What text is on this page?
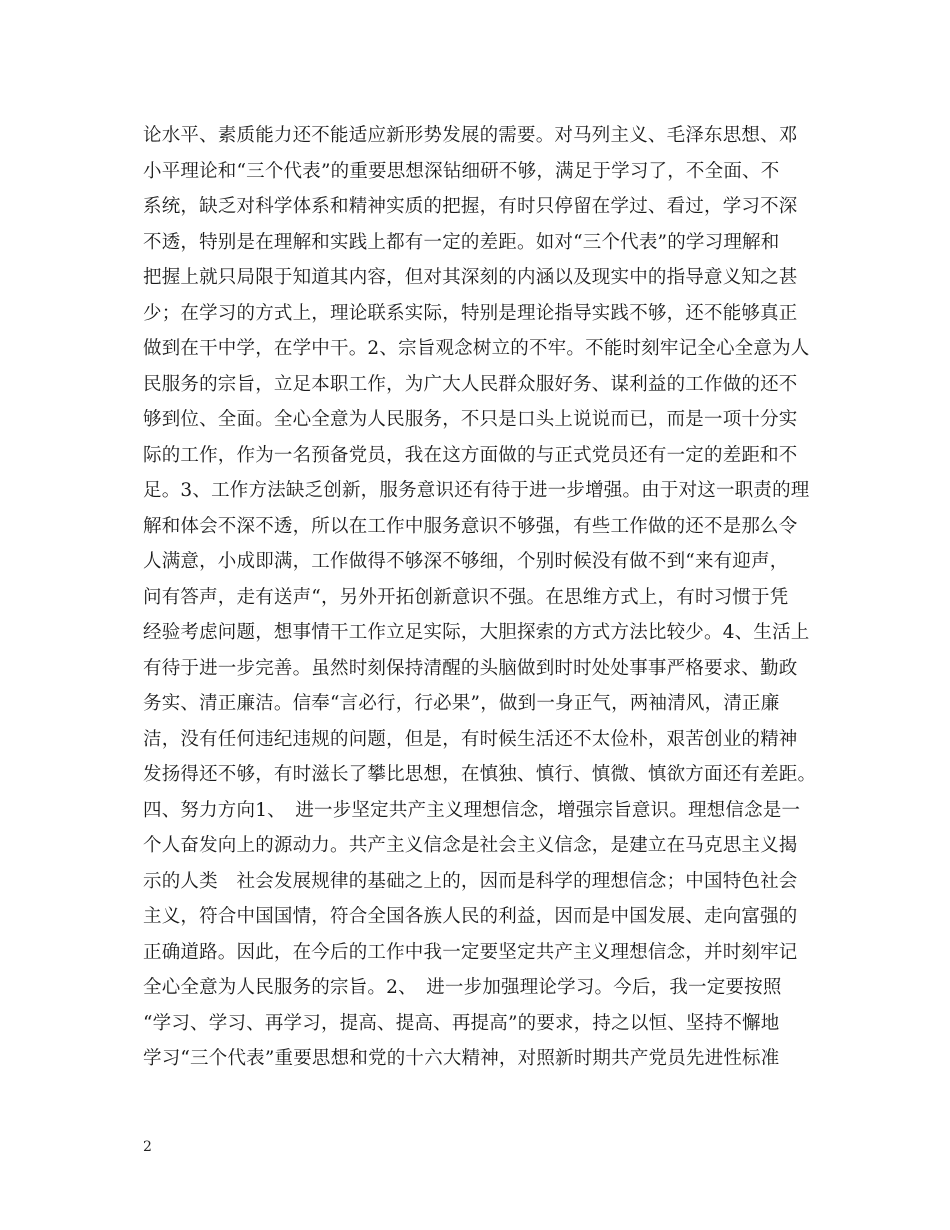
论水平、素质能力还不能适应新形势发展的需要。对马列主义、毛泽东思想、邓
小平理论和“三个代表”的重要思想深钻细研不够，满足于学习了，不全面、不
系统，缺乏对科学体系和精神实质的把握，有时只停留在学过、看过，学习不深
不透，特别是在理解和实践上都有一定的差距。如对“三个代表”的学习理解和
把握上就只局限于知道其内容，但对其深刻的内涵以及现实中的指导意义知之甚
少；在学习的方式上，理论联系实际，特别是理论指导实践不够，还不能够真正
做到在干中学，在学中干。2、宗旨观念树立的不牢。不能时刻牢记全心全意为人
民服务的宗旨，立足本职工作，为广大人民群众服好务、谋利益的工作做的还不
够到位、全面。全心全意为人民服务，不只是口头上说说而已，而是一项十分实
际的工作，作为一名预备党员，我在这方面做的与正式党员还有一定的差距和不
足。3、工作方法缺乏创新，服务意识还有待于进一步增强。由于对这一职责的理
解和体会不深不透，所以在工作中服务意识不够强，有些工作做的还不是那么令
人满意，小成即满，工作做得不够深不够细，个别时候没有做不到“来有迎声，
问有答声，走有送声“，另外开拓创新意识不强。在思维方式上，有时习惯于凭
经验考虑问题，想事情干工作立足实际，大胆探索的方式方法比较少。4、生活上
有待于进一步完善。虽然时刻保持清醒的头脑做到时时处处事事严格要求、勤政
务实、清正廉洁。信奉“言必行，行必果”，做到一身正气，两袖清风，清正廉
洁，没有任何违纪违规的问题，但是，有时候生活还不太俭朴，艰苦创业的精神
发扬得还不够，有时滋长了攀比思想，在慎独、慎行、慎微、慎欲方面还有差距。
四、努力方向1、　进一步坚定共产主义理想信念，增强宗旨意识。理想信念是一
个人奋发向上的源动力。共产主义信念是社会主义信念，是建立在马克思主义揭
示的人类　社会发展规律的基础之上的，因而是科学的理想信念；中国特色社会
主义，符合中国国情，符合全国各族人民的利益，因而是中国发展、走向富强的
正确道路。因此，在今后的工作中我一定要坚定共产主义理想信念，并时刻牢记
全心全意为人民服务的宗旨。2、　进一步加强理论学习。今后，我一定要按照
“学习、学习、再学习，提高、提高、再提高”的要求，持之以恒、坚持不懈地
学习“三个代表”重要思想和党的十六大精神，对照新时期共产党员先进性标准
2
